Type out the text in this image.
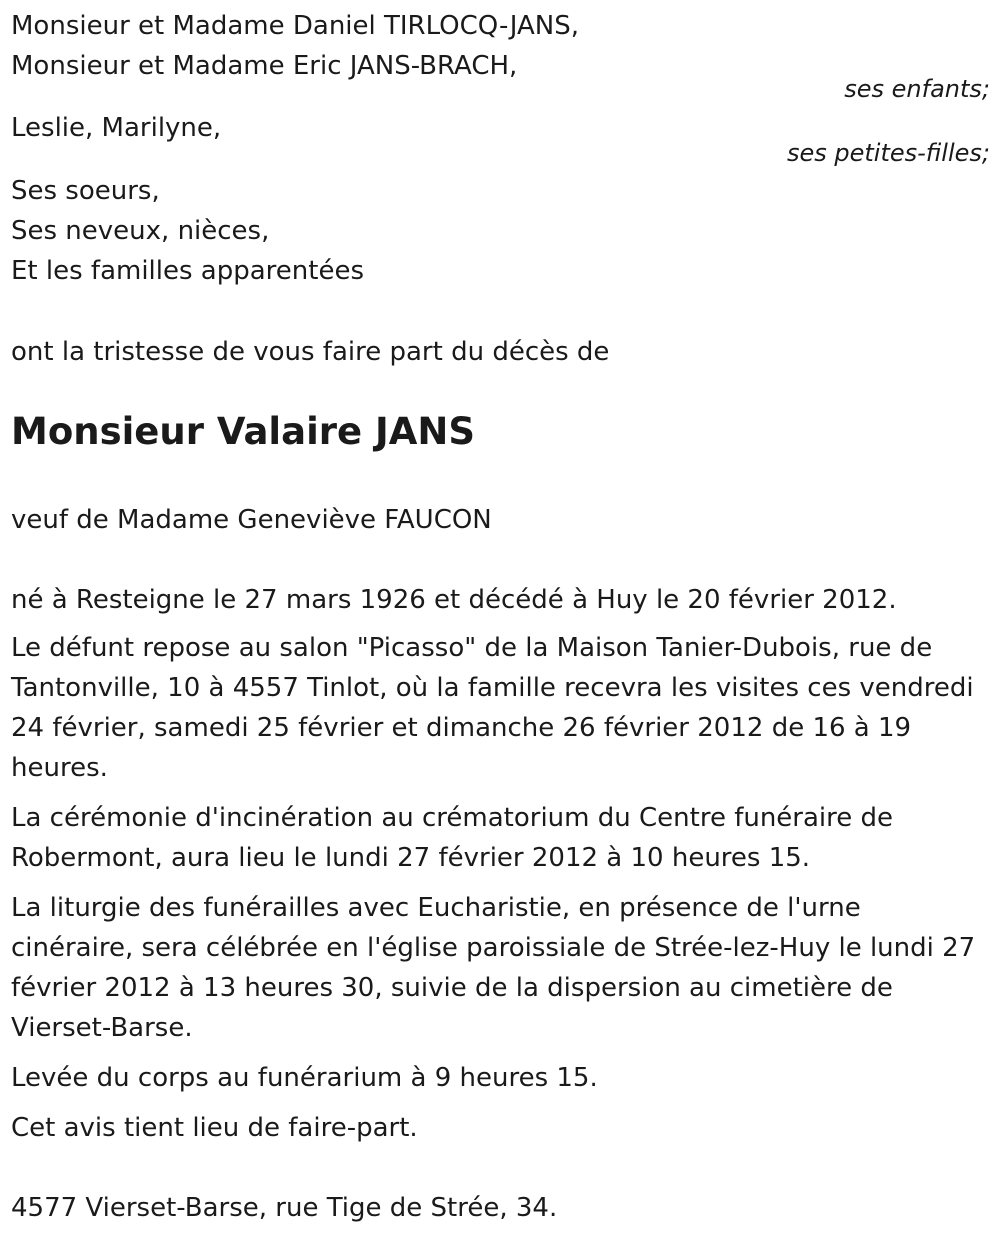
Monsieur et Madame Daniel TIRLOCQ-JANS,
Monsieur et Madame Eric JANS-BRACH,
ses enfants;
Leslie, Marilyne,
ses petites-filles;
Ses soeurs,
Ses neveux, nièces,
Et les familles apparentées
ont la tristesse de vous faire part du décès de
Monsieur Valaire JANS
veuf de Madame Geneviève FAUCON
né à Resteigne le 27 mars 1926 et décédé à Huy le 20 février 2012.
Le défunt repose au salon "Picasso" de la Maison Tanier-Dubois, rue de
Tantonville, 10 à 4557 Tinlot, où la famille recevra les visites ces vendredi
24 février, samedi 25 février et dimanche 26 février 2012 de 16 à 19
heures.
La cérémonie d'incinération au crématorium du Centre funéraire de
Robermont, aura lieu le lundi 27 février 2012 à 10 heures 15.
La liturgie des funérailles avec Eucharistie, en présence de l'urne
cinéraire, sera célébrée en l'église paroissiale de Strée-lez-Huy le lundi 27
février 2012 à 13 heures 30, suivie de la dispersion au cimetière de
Vierset-Barse.
Levée du corps au funérarium à 9 heures 15.
Cet avis tient lieu de faire-part.
4577 Vierset-Barse, rue Tige de Strée, 34.
